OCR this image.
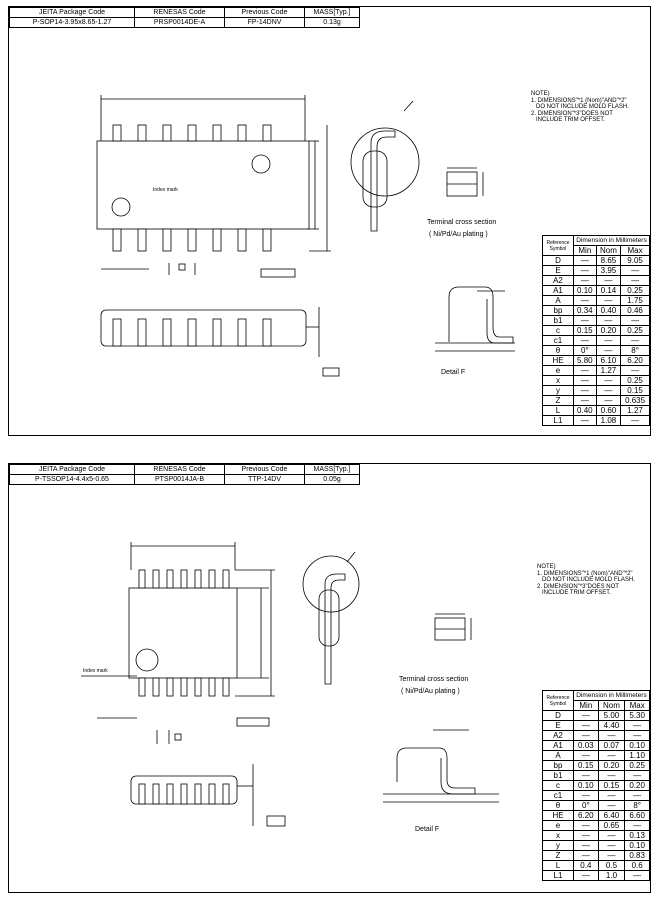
JEITA Package Code	RENESAS Code	Previous Code	MASS[Typ.]
P-SOP14-3.95x8.65-1.27	PRSP0014DE-A	FP-14DNV	0.13g
Index mark
Terminal cross section
( Ni/Pd/Au plating )
Detail F
NOTE)
1. DIMENSIONS"*1 (Nom)"AND"*2"
DO NOT INCLUDE MOLD FLASH.
2. DIMENSION"*3"DOES NOT
INCLUDE TRIM OFFSET.
Reference Symbol	Dimension in Millimeters		
	Min	Nom	Max
D	—	8.65	9.05
E	—	3.95	—
A2	—	—	—
A1	0.10	0.14	0.25
A	—	—	1.75
bp	0.34	0.40	0.46
b1	—	—	—
c	0.15	0.20	0.25
c1	—	—	—
θ	0°	—	8°
HE	5.80	6.10	6.20
e	—	1.27	—
x	—	—	0.25
y	—	—	0.15
Z	—	—	0.635
L	0.40	0.60	1.27
L1	—	1.08	—
JEITA Package Code	RENESAS Code	Previous Code	MASS[Typ.]
P-TSSOP14-4.4x5-0.65	PTSP0014JA-B	TTP-14DV	0.05g
Index mark
Terminal cross section
( Ni/Pd/Au plating )
Detail F
NOTE)
1. DIMENSIONS"*1 (Nom)"AND"*2"
DO NOT INCLUDE MOLD FLASH.
2. DIMENSION"*3"DOES NOT
INCLUDE TRIM OFFSET.
Reference Symbol	Dimension in Millimeters		
	Min	Nom	Max
D	—	5.00	5.30
E	—	4.40	—
A2	—	—	—
A1	0.03	0.07	0.10
A	—	—	1.10
bp	0.15	0.20	0.25
b1	—	—	—
c	0.10	0.15	0.20
c1	—	—	—
θ	0°	—	8°
HE	6.20	6.40	6.60
e	—	0.65	—
x	—	—	0.13
y	—	—	0.10
Z	—	—	0.83
L	0.4	0.5	0.6
L1	—	1.0	—
